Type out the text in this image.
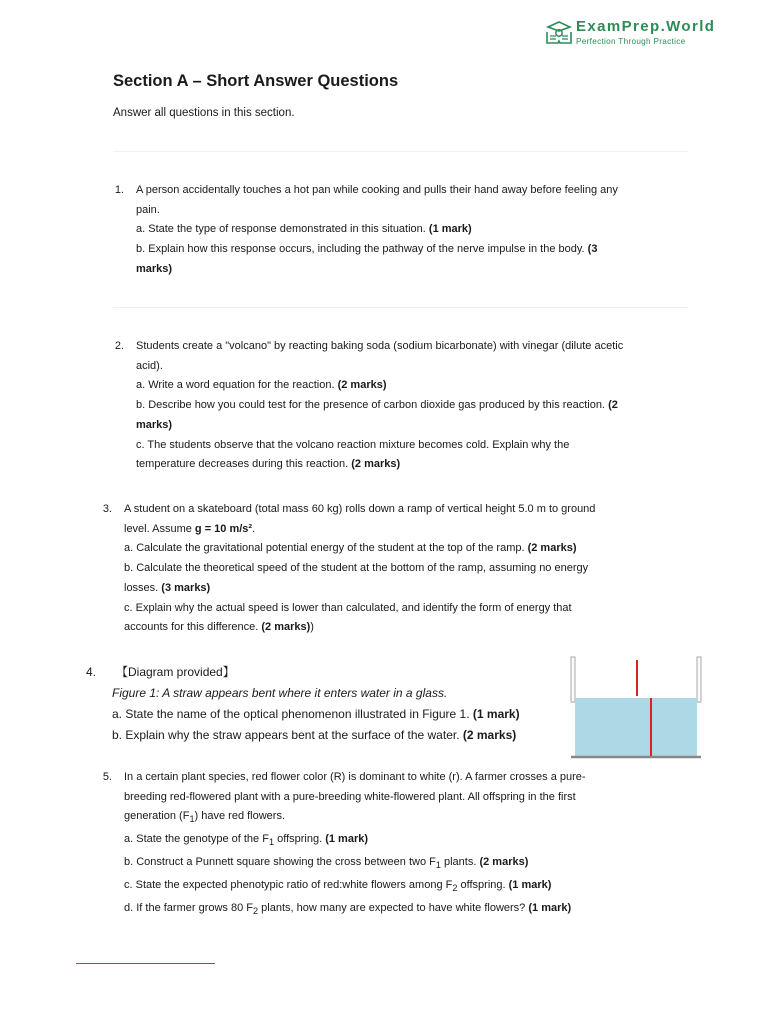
ExamPrep.World
Perfection Through Practice
Section A – Short Answer Questions
Answer all questions in this section.
1. A person accidentally touches a hot pan while cooking and pulls their hand away before feeling any
pain.
a. State the type of response demonstrated in this situation. (1 mark)
b. Explain how this response occurs, including the pathway of the nerve impulse in the body. (3
marks)
2. Students create a "volcano" by reacting baking soda (sodium bicarbonate) with vinegar (dilute acetic
acid).
a. Write a word equation for the reaction. (2 marks)
b. Describe how you could test for the presence of carbon dioxide gas produced by this reaction. (2
marks)
c. The students observe that the volcano reaction mixture becomes cold. Explain why the
temperature decreases during this reaction. (2 marks)
3. A student on a skateboard (total mass 60 kg) rolls down a ramp of vertical height 5.0 m to ground
level. Assume g = 10 m/s².
a. Calculate the gravitational potential energy of the student at the top of the ramp. (2 marks)
b. Calculate the theoretical speed of the student at the bottom of the ramp, assuming no energy
losses. (3 marks)
c. Explain why the actual speed is lower than calculated, and identify the form of energy that
accounts for this difference. (2 marks))
4. 【Diagram provided】
Figure 1: A straw appears bent where it enters water in a glass.
a. State the name of the optical phenomenon illustrated in Figure 1. (1 mark)
b. Explain why the straw appears bent at the surface of the water. (2 marks)
5. In a certain plant species, red flower color (R) is dominant to white (r). A farmer crosses a pure-
breeding red-flowered plant with a pure-breeding white-flowered plant. All offspring in the first
generation $(F_1)$ have red flowers.
a. State the genotype of the $F_1$ offspring. (1 mark)
b. Construct a Punnett square showing the cross between two $F_1$ plants. (2 marks)
c. State the expected phenotypic ratio of red:white flowers among $F_2$ offspring. (1 mark)
d. If the farmer grows 80 $F_2$ plants, how many are expected to have white flowers? (1 mark)
